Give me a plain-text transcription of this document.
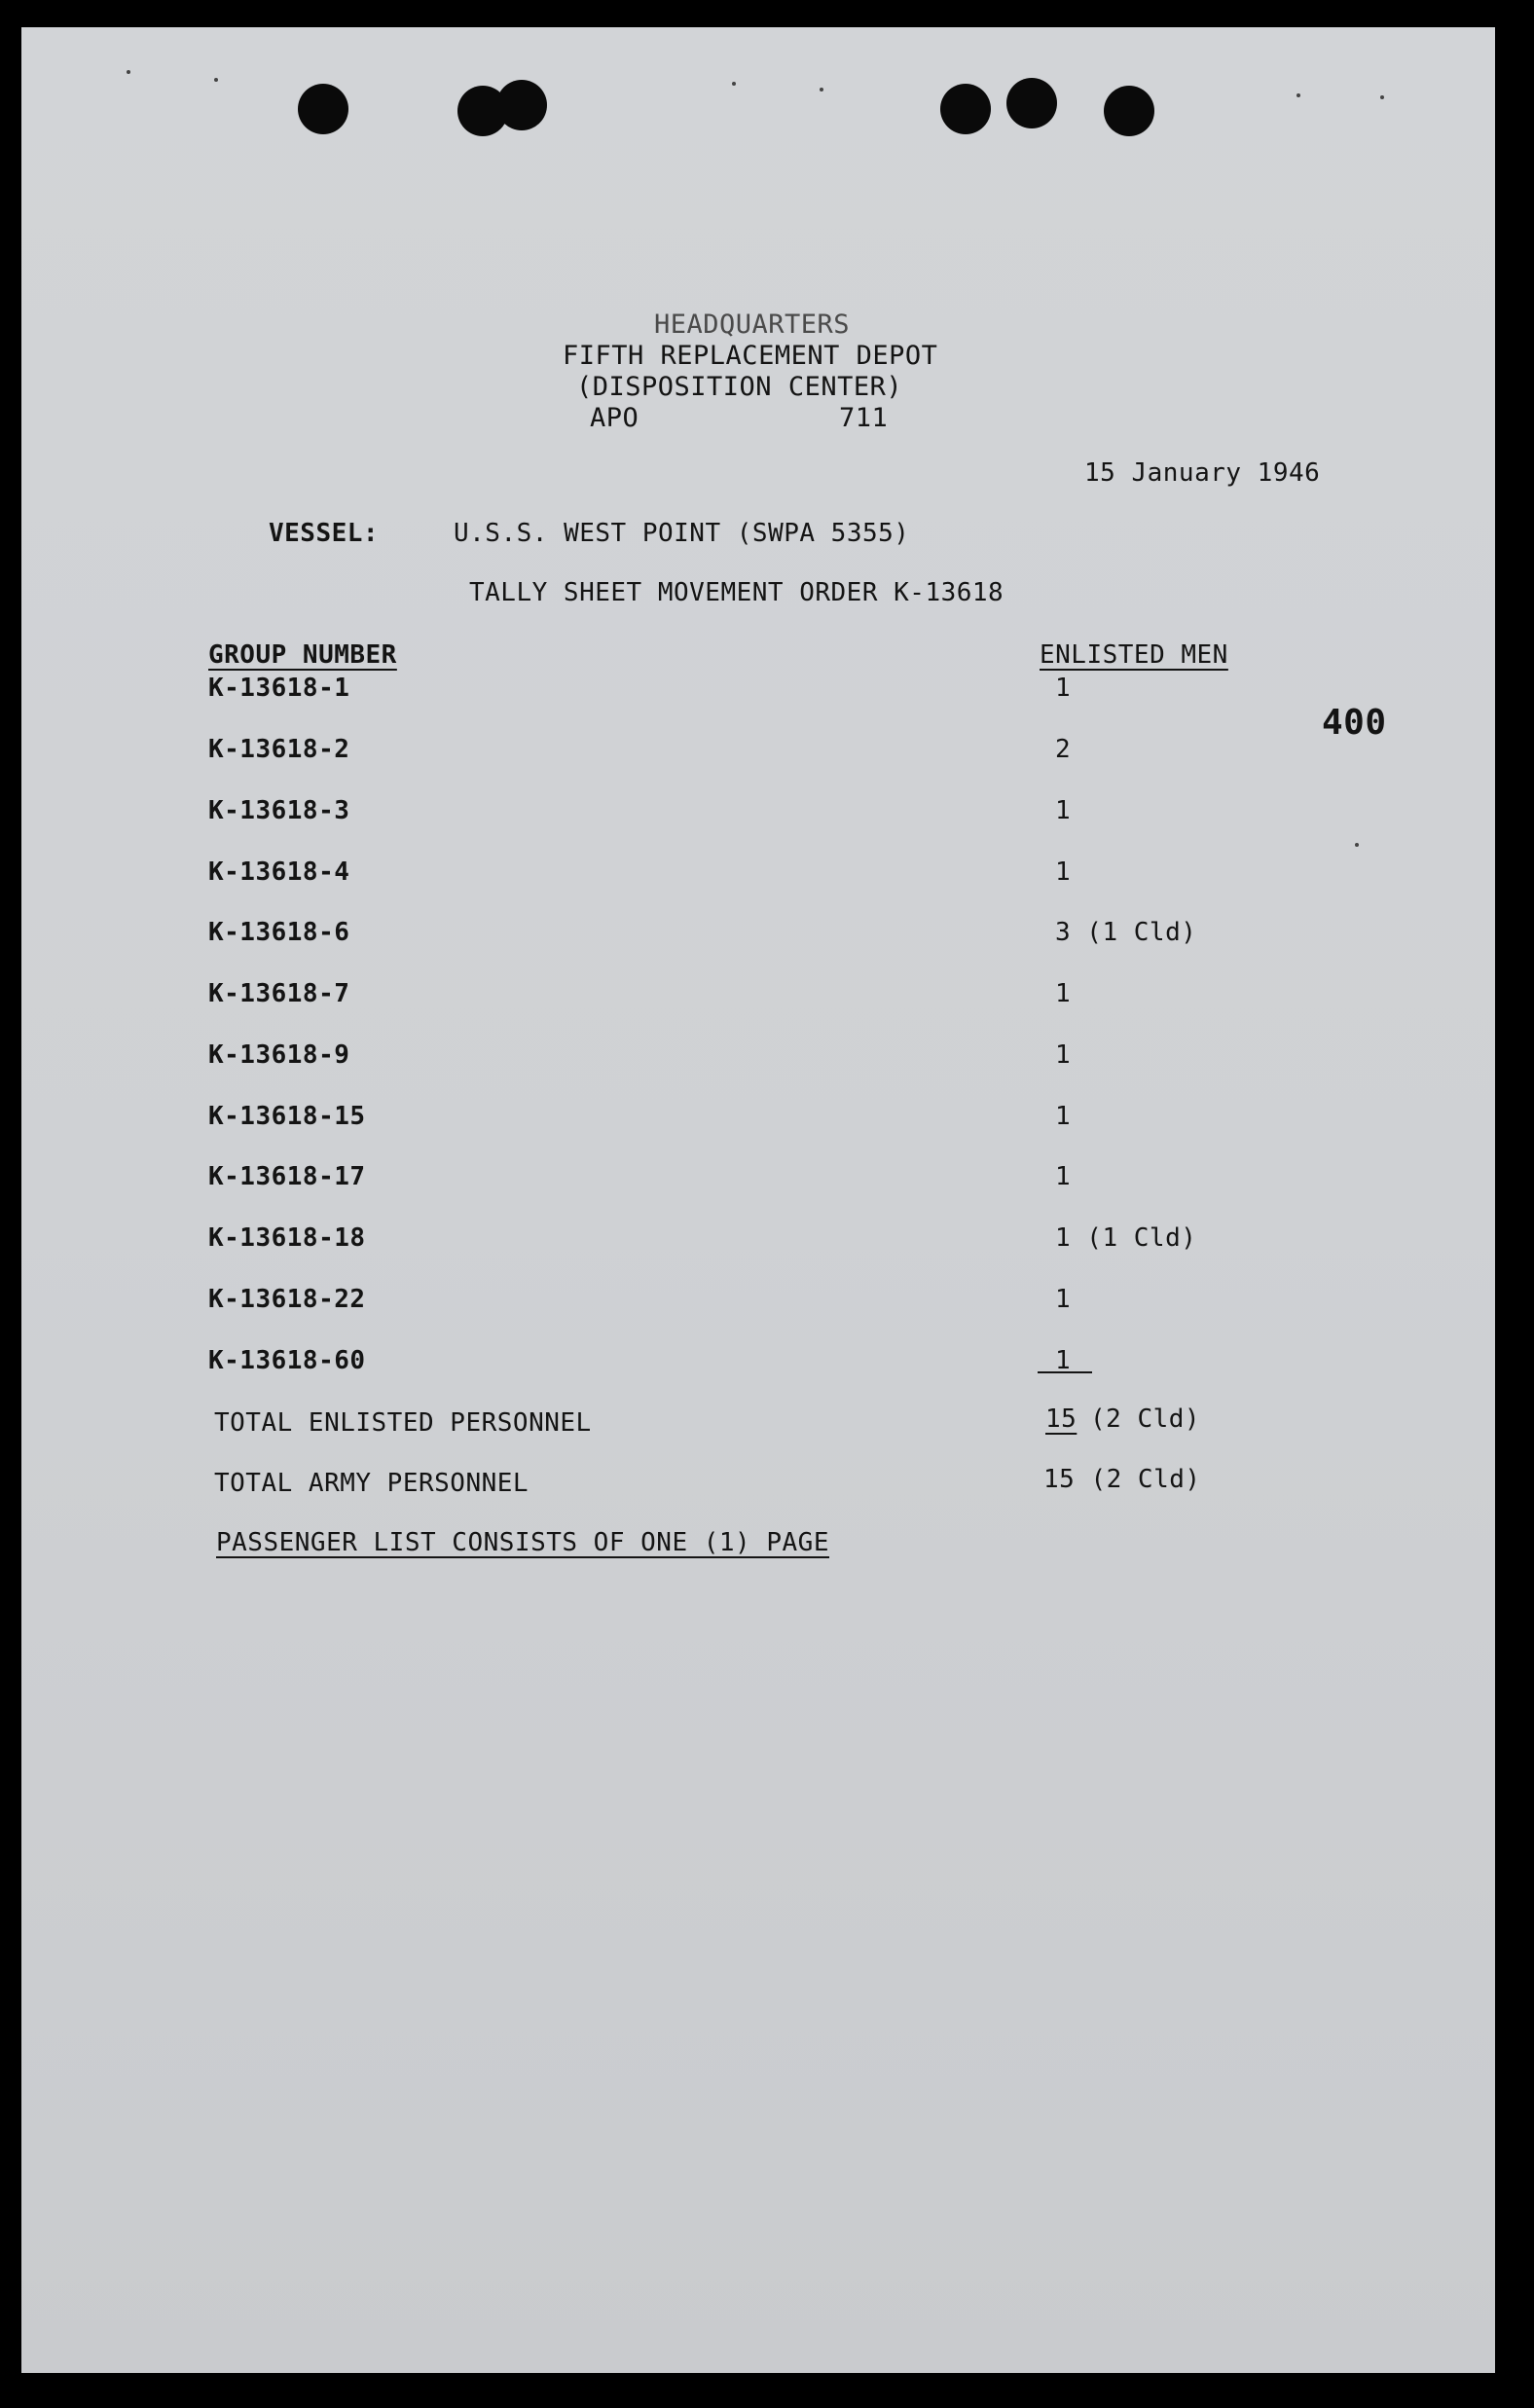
HEADQUARTERS
FIFTH REPLACEMENT DEPOT
(DISPOSITION CENTER)
APO	711
15 January 1946
VESSEL:	U.S.S. WEST POINT (SWPA 5355)
TALLY SHEET MOVEMENT ORDER K-13618
400
GROUP NUMBER	ENLISTED MEN
K-13618-1	1
K-13618-2	2
K-13618-3	1
K-13618-4	1
K-13618-6	3 (1 Cld)
K-13618-7	1
K-13618-9	1
K-13618-15	1
K-13618-17	1
K-13618-18	1 (1 Cld)
K-13618-22	1
K-13618-60	1
TOTAL ENLISTED PERSONNEL	15 (2 Cld)
TOTAL ARMY PERSONNEL	15 (2 Cld)
PASSENGER LIST CONSISTS OF ONE (1) PAGE
